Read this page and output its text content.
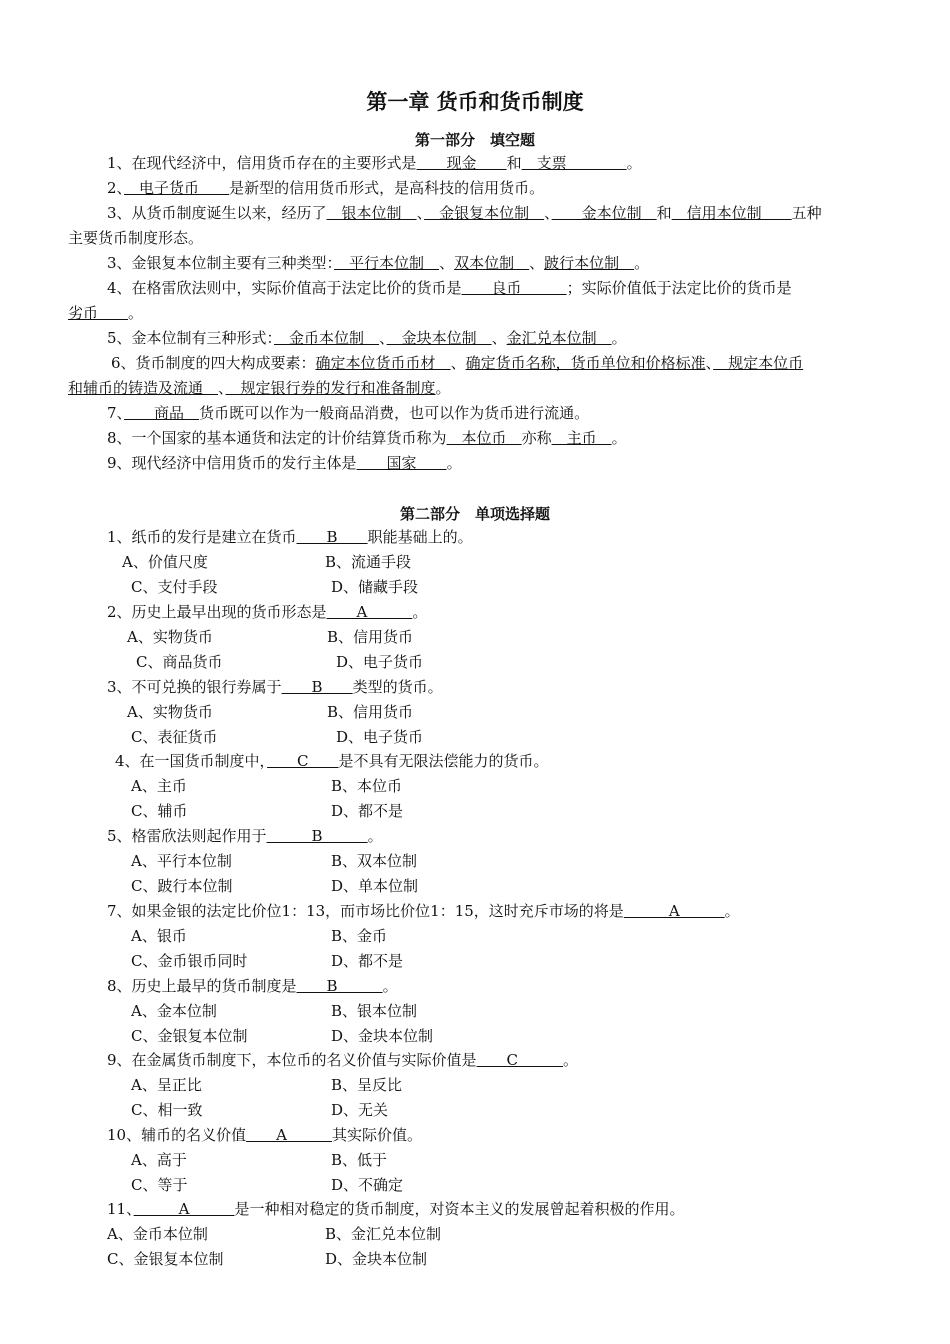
第一章 货币和货币制度
第一部分　填空题
1、在现代经济中，信用货币存在的主要形式是　　现金　　和　支票　　　　。
2、　电子货币　　是新型的信用货币形式，是高科技的信用货币。
3、从货币制度诞生以来，经历了　银本位制　、　金银复本位制　、　　金本位制　和　信用本位制　　五种
主要货币制度形态。
3、金银复本位制主要有三种类型：　平行本位制　、双本位制　、跛行本位制　。
4、在格雷欣法则中，实际价值高于法定比价的货币是　　良币　　　；实际价值低于法定比价的货币是
劣币　　。
5、金本位制有三种形式：　金币本位制　、　金块本位制　、金汇兑本位制　。
6、货币制度的四大构成要素：确定本位货币币材　、确定货币名称，货币单位和价格标准、　规定本位币
和辅币的铸造及流通　、　规定银行券的发行和准备制度。
7、　　商品　货币既可以作为一般商品消费，也可以作为货币进行流通。
8、一个国家的基本通货和法定的计价结算货币称为　本位币　亦称　主币　。
9、现代经济中信用货币的发行主体是　　国家　　。
第二部分　单项选择题
1、纸币的发行是建立在货币　　B　　职能基础上的。
A、价值尺度	B、流通手段
C、支付手段	D、储藏手段
2、历史上最早出现的货币形态是　　A　　　。
A、实物货币	B、信用货币
C、商品货币	D、电子货币
3、不可兑换的银行券属于　　B　　类型的货币。
A、实物货币	B、信用货币
C、表征货币	D、电子货币
4、在一国货币制度中，　　C　　是不具有无限法偿能力的货币。
A、主币	B、本位币
C、辅币	D、都不是
5、格雷欣法则起作用于　　　B　　　。
A、平行本位制	B、双本位制
C、跛行本位制	D、单本位制
7、如果金银的法定比价位1：13，而市场比价位1：15，这时充斥市场的将是　　　A　　　。
A、银币	B、金币
C、金币银币同时	D、都不是
8、历史上最早的货币制度是　　B　　　。
A、金本位制	B、银本位制
C、金银复本位制	D、金块本位制
9、在金属货币制度下，本位币的名义价值与实际价值是　　C　　　。
A、呈正比	B、呈反比
C、相一致	D、无关
10、辅币的名义价值　　A　　　其实际价值。
A、高于	B、低于
C、等于	D、不确定
11、　　　A　　　是一种相对稳定的货币制度，对资本主义的发展曾起着积极的作用。
A、金币本位制	B、金汇兑本位制
C、金银复本位制	D、金块本位制
